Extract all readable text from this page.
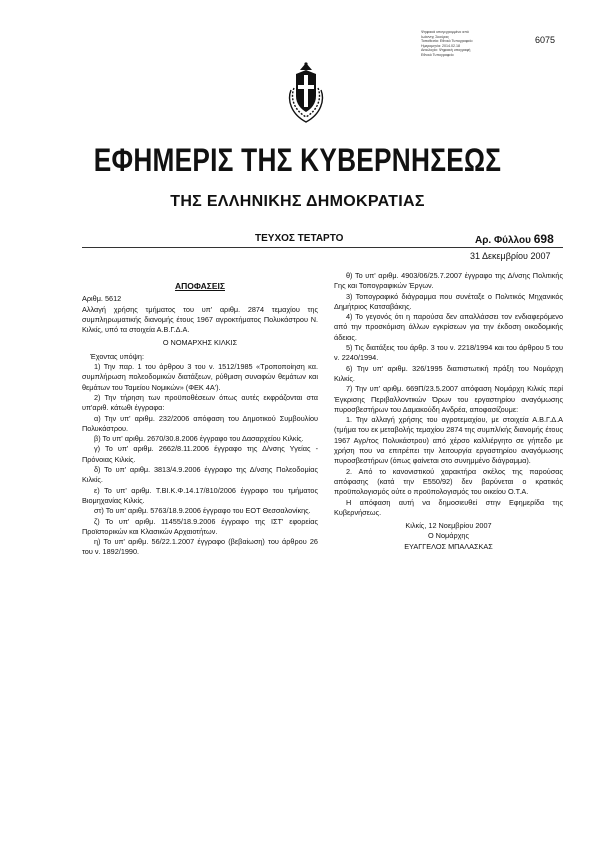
Ψηφιακά υπογεγραμμένο από
Ιωάννης Σκούρας
Τοποθεσία: Εθνικό Τυπογραφείο
Ημερομηνία: 2014.02.18
Αιτιολογία: Ψηφιακή υπογραφή
Εθνικό Τυπογραφείο
6075
ΕΦΗΜΕΡΙΣ ΤΗΣ ΚΥΒΕΡΝΗΣΕΩΣ
ΤΗΣ ΕΛΛΗΝΙΚΗΣ ΔΗΜΟΚΡΑΤΙΑΣ
ΤΕΥΧΟΣ ΤΕΤΑΡΤΟ	Αρ. Φύλλου 698
31 Δεκεμβρίου 2007

ΑΠΟΦΑΣΕΙΣ

Αριθμ. 5612

Αλλαγή χρήσης τμήματος του υπ' αριθμ. 2874 τεμαχίου της συμπληρωματικής διανομής έτους 1967 αγροκτήματος Πολυκάστρου Ν. Κιλκίς, υπό τα στοιχεία Α.Β.Γ.Δ.Α.

Ο ΝΟΜΑΡΧΗΣ ΚΙΛΚΙΣ

Έχοντας υπόψη:

1) Την παρ. 1 του άρθρου 3 του ν. 1512/1985 «Τροποποίηση κα. συμπλήρωση πολεοδομικών διατάξεων, ρύθμιση συναφών θεμάτων και θεμάτων του Ταμείου Νομικών» (ΦΕΚ 4Α').

2) Την τήρηση των προϋποθέσεων όπως αυτές εκφράζονται στα υπ'αριθ. κάτωθι έγγραφα:

α) Την υπ' αριθμ. 232/2006 απόφαση του Δημοτικού Συμβουλίου Πολυκάστρου.

β) Το υπ' αριθμ. 2670/30.8.2006 έγγραφο του Δασαρχείου Κιλκίς.

γ) Το υπ' αριθμ. 2662/8.11.2006 έγγραφο της Δ/νσης Υγείας - Πρόνοιας Κιλκίς.

δ) Το υπ' αριθμ. 3813/4.9.2006 έγγραφο της Δ/νσης Πολεοδομίας Κιλκίς.

ε) Το υπ' αριθμ. Τ.ΒΙ.Κ.Φ.14.17/810/2006 έγγραφο του τμήματος Βιομηχανίας Κιλκίς.

στ) Το υπ' αριθμ. 5763/18.9.2006 έγγραφο του ΕΟΤ Θεσσαλονίκης.

ζ) Το υπ' αριθμ. 11455/18.9.2006 έγγραφο της ΙΣΤ' εφορείας Προϊστορικών και Κλασικών Αρχαιοτήτων.

η) Το υπ' αριθμ. 56/22.1.2007 έγγραφο (βεβαίωση) του άρθρου 26 του ν. 1892/1990.

θ) Το υπ' αριθμ. 4903/06/25.7.2007 έγγραφο της Δ/νσης Πολιτικής Γης και Τοπογραφικών Έργων.

3) Τοπογραφικό διάγραμμα που συνέταξε ο Πολιτικός Μηχανικός Δημήτριος Κατσαβάκης.

4) Το γεγονός ότι η παρούσα δεν απαλλάσσει τον ενδιαφερόμενο από την προσκόμιση άλλων εγκρίσεων για την έκδοση οικοδομικής άδειας.

5) Τις διατάξεις του άρθρ. 3 του ν. 2218/1994 και του άρθρου 5 του ν. 2240/1994.

6) Την υπ' αριθμ. 326/1995 διαπιστωτική πράξη του Νομάρχη Κιλκίς.

7) Την υπ' αριθμ. 669Π/23.5.2007 απόφαση Νομάρχη Κιλκίς περί Έγκρισης Περιβαλλοντικών Όρων του εργαστηρίου αναγόμωσης πυροσβεστήρων του Δαμακούδη Ανδρέα, αποφασίζουμε:

1. Την αλλαγή χρήσης του αγροτεμαχίου, με στοιχεία Α.Β.Γ.Δ.Α (τμήμα του εκ μεταβολής τεμαχίου 2874 της συμπλ/κής διανομής έτους 1967 Αγρ/τος Πολυκάστρου) από χέρσο καλλιέργητο σε γήπεδο με χρήση που να επιτρέπει την λειτουργία εργαστηρίου αναγόμωσης πυροσβεστήρων (όπως φαίνεται στο συνημμένο διάγραμμα).

2. Από το κανονιστικού χαρακτήρα σκέλος της παρούσας απόφασης (κατά την Ε550/92) δεν βαρύνεται ο κρατικός προϋπολογισμός ούτε ο προϋπολογισμός του οικείου Ο.Τ.Α.

Η απόφαση αυτή να δημοσιευθεί στην Εφημερίδα της Κυβερνήσεως.

Κιλκίς, 12 Νοεμβρίου 2007

Ο Νομάρχης

ΕΥΑΓΓΕΛΟΣ ΜΠΑΛΑΣΚΑΣ
